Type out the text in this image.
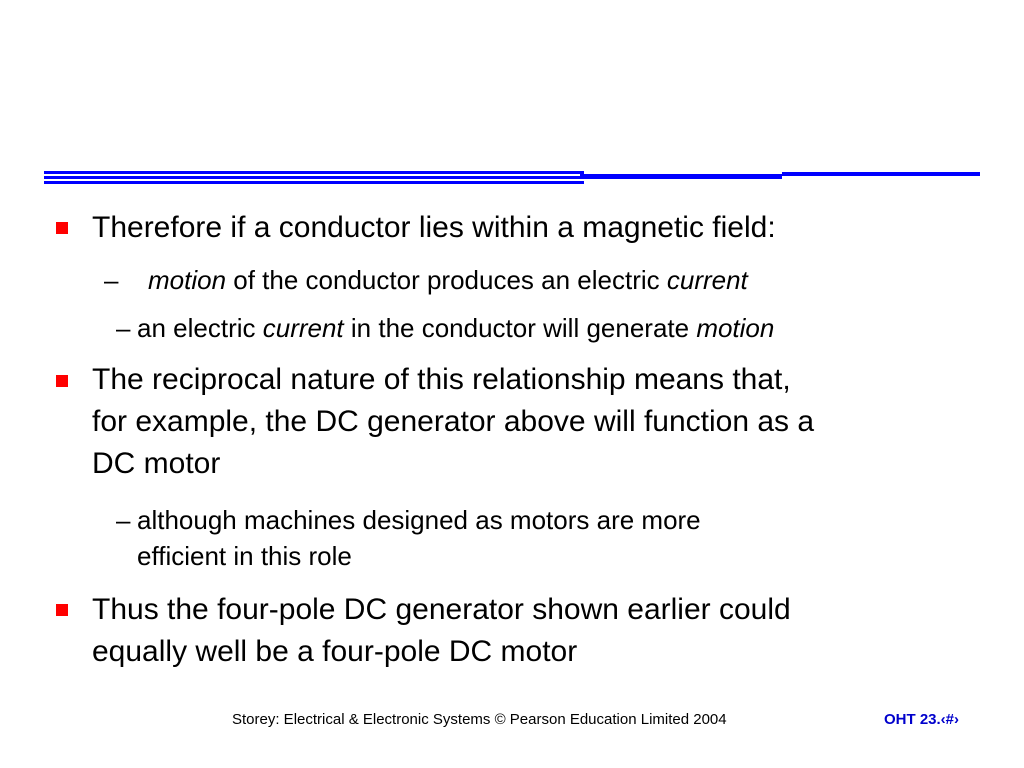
Therefore if a conductor lies within a magnetic field:
– motion of the conductor produces an electric current
– an electric current in the conductor will generate motion
The reciprocal nature of this relationship means that,
for example, the DC generator above will function as a
DC motor
– although machines designed as motors are more
efficient in this role
Thus the four-pole DC generator shown earlier could
equally well be a four-pole DC motor
Storey: Electrical & Electronic Systems © Pearson Education Limited 2004	OHT 23.‹#›
